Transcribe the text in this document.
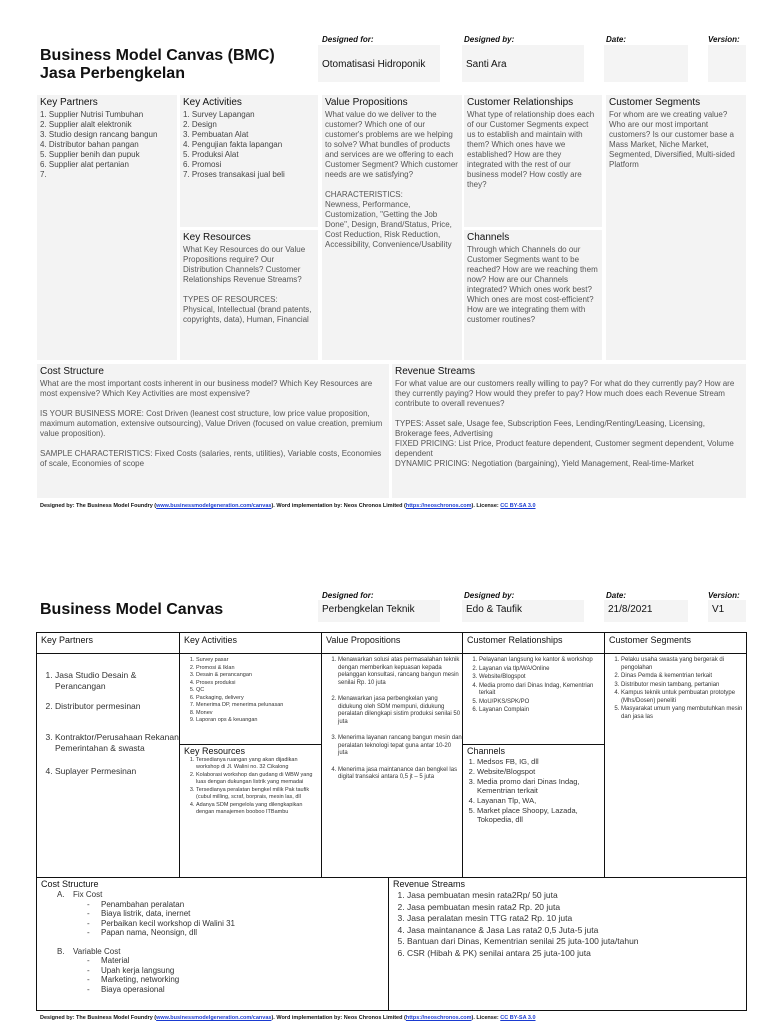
Business Model Canvas (BMC)
Jasa Perbengkelan
Designed for:
Otomatisasi Hidroponik
Designed by:
Santi Ara
Date:	Version:
Key Partners
1. Supplier Nutrisi Tumbuhan
2. Supplier alalt elektronik
3. Studio design rancang bangun
4. Distributor bahan pangan
5. Supplier benih dan pupuk
6. Supplier alat pertanian
7.
Key Activities
1. Survey Lapangan
2. Design
3. Pembuatan Alat
4. Pengujian fakta lapangan
5. Produksi Alat
6. Promosi
7. Proses transakasi jual beli
Key Resources
What Key Resources do our Value Propositions require? Our Distribution Channels? Customer Relationships Revenue Streams?

TYPES OF RESOURCES:
Physical, Intellectual (brand patents, copyrights, data), Human, Financial
Value Propositions
What value do we deliver to the customer? Which one of our customer's problems are we helping to solve? What bundles of products and services are we offering to each Customer Segment? Which customer needs are we satisfying?

CHARACTERISTICS:
Newness, Performance, Customization, "Getting the Job Done", Design, Brand/Status, Price, Cost Reduction, Risk Reduction, Accessibility, Convenience/Usability
Customer Relationships
What type of relationship does each of our Customer Segments expect us to establish and maintain with them? Which ones have we established? How are they integrated with the rest of our business model? How costly are they?
Channels
Through which Channels do our Customer Segments want to be reached? How are we reaching them now? How are our Channels integrated? Which ones work best? Which ones are most cost-efficient? How are we integrating them with customer routines?
Customer Segments
For whom are we creating value? Who are our most important customers? Is our customer base a Mass Market, Niche Market, Segmented, Diversified, Multi-sided Platform
Cost Structure
What are the most important costs inherent in our business model? Which Key Resources are most expensive? Which Key Activities are most expensive?

IS YOUR BUSINESS MORE: Cost Driven (leanest cost structure, low price value proposition, maximum automation, extensive outsourcing), Value Driven (focused on value creation, premium value proposition).

SAMPLE CHARACTERISTICS: Fixed Costs (salaries, rents, utilities), Variable costs, Economies of scale, Economies of scope
Revenue Streams
For what value are our customers really willing to pay? For what do they currently pay? How are they currently paying? How would they prefer to pay? How much does each Revenue Stream contribute to overall revenues?

TYPES: Asset sale, Usage fee, Subscription Fees, Lending/Renting/Leasing, Licensing, Brokerage fees, Advertising
FIXED PRICING: List Price, Product feature dependent, Customer segment dependent, Volume dependent
DYNAMIC PRICING: Negotiation (bargaining), Yield Management, Real-time-Market
Designed by: The Business Model Foundry (www.businessmodelgeneration.com/canvas). Word implementation by: Neos Chronos Limited (https://neoschronos.com). License: CC BY-SA 3.0
Business Model Canvas
Designed for:
Perbengkelan Teknik
Designed by:
Edo & Taufik
Date:
21/8/2021
Version:
V1
Key Partners	Key Activities	Value Propositions	Customer Relationships	Customer Segments
1. Jasa Studio Desain & Perancangan
2. Distributor permesinan
3. Kontraktor/Perusahaan Rekanan Pemerintahan & swasta
4. Suplayer Permesinan
1. Survey pasar
2. Promosi & Iklan
3. Desain & perancangan
4. Proses produksi
5. QC
6. Packaging, delivery
7. Menerima DP, menerima pelunasan
8. Monev
9. Laporan ops & keuangan
Key Resources
1. Tersedianya ruangan yang akan dijadikan workshop di Jl. Walini no. 32 Cikalong
2. Kolaborasi workshop dan gudang di WBW yang luas dengan dukungan listrik yang memadai
3. Tersedianya peralatan bengkel milik Pak taufik (cubul milling, scraf, borprais, mesin las, dll
4. Adanya SDM pengelola yang dilengkapikan dengan manajemen booboo ITBambu
1. Menawarkan solusi atas permasalahan teknik dengan memberikan kepuasan kepada pelanggan konsultasi, rancang bangun mesin senilai Rp. 10 juta
2. Menawarkan jasa perbengkelan yang didukung oleh SDM mempuni, didukung peralatan dilengkapi sistim produksi senilai 50 juta
3. Menerima layanan rancang bangun mesin dan peralatan teknologi tepat guna antar 10-20 juta
4. Menerima jasa maintanance dan bengkel las digital transaksi antara 0,5 jt – 5 juta
1. Pelayanan langsung ke kantor & workshop
2. Layanan via tlp/WA/Online
3. Website/Blogspot
4. Media promo dari Dinas Indag, Kementrian terkait
5. MoU/PKS/SPK/PO
6. Layanan Complain
Channels
1. Medsos FB, IG, dll
2. Website/Blogspot
3. Media promo dari Dinas Indag, Kementrian terkait
4. Layanan Tlp, WA,
5. Market place Shoopy, Lazada, Tokopedia, dll
1. Pelaku usaha swasta yang bergerak di pengolahan
2. Dinas Pemda & kementrian terkait
3. Distributor mesin tambang, pertanian
4. Kampus teknik untuk pembuatan prototype (Mhs/Dosen) peneliti
5. Masyarakat umum yang membutuhkan mesin dan jasa las
Cost Structure
A. Fix Cost
- Penambahan peralatan
- Biaya listrik, data, inernet
- Perbaikan kecil workshop di Walini 31
- Papan nama, Neonsign, dll
B. Variable Cost
- Material
- Upah kerja langsung
- Marketing, networking
- Biaya operasional
Revenue Streams
1. Jasa pembuatan mesin rata2Rp/ 50 juta
2. Jasa pembuatan mesin rata2 Rp. 20 juta
3. Jasa peralatan mesin TTG rata2 Rp. 10 juta
4. Jasa maintanance & Jasa Las rata2 0,5 Juta-5 juta
5. Bantuan dari Dinas, Kementrian senilai 25 juta-100 juta/tahun
6. CSR (Hibah & PK) senilai antara 25 juta-100 juta
Designed by: The Business Model Foundry (www.businessmodelgeneration.com/canvas). Word implementation by: Neos Chronos Limited (https://neoschronos.com). License: CC BY-SA 3.0
